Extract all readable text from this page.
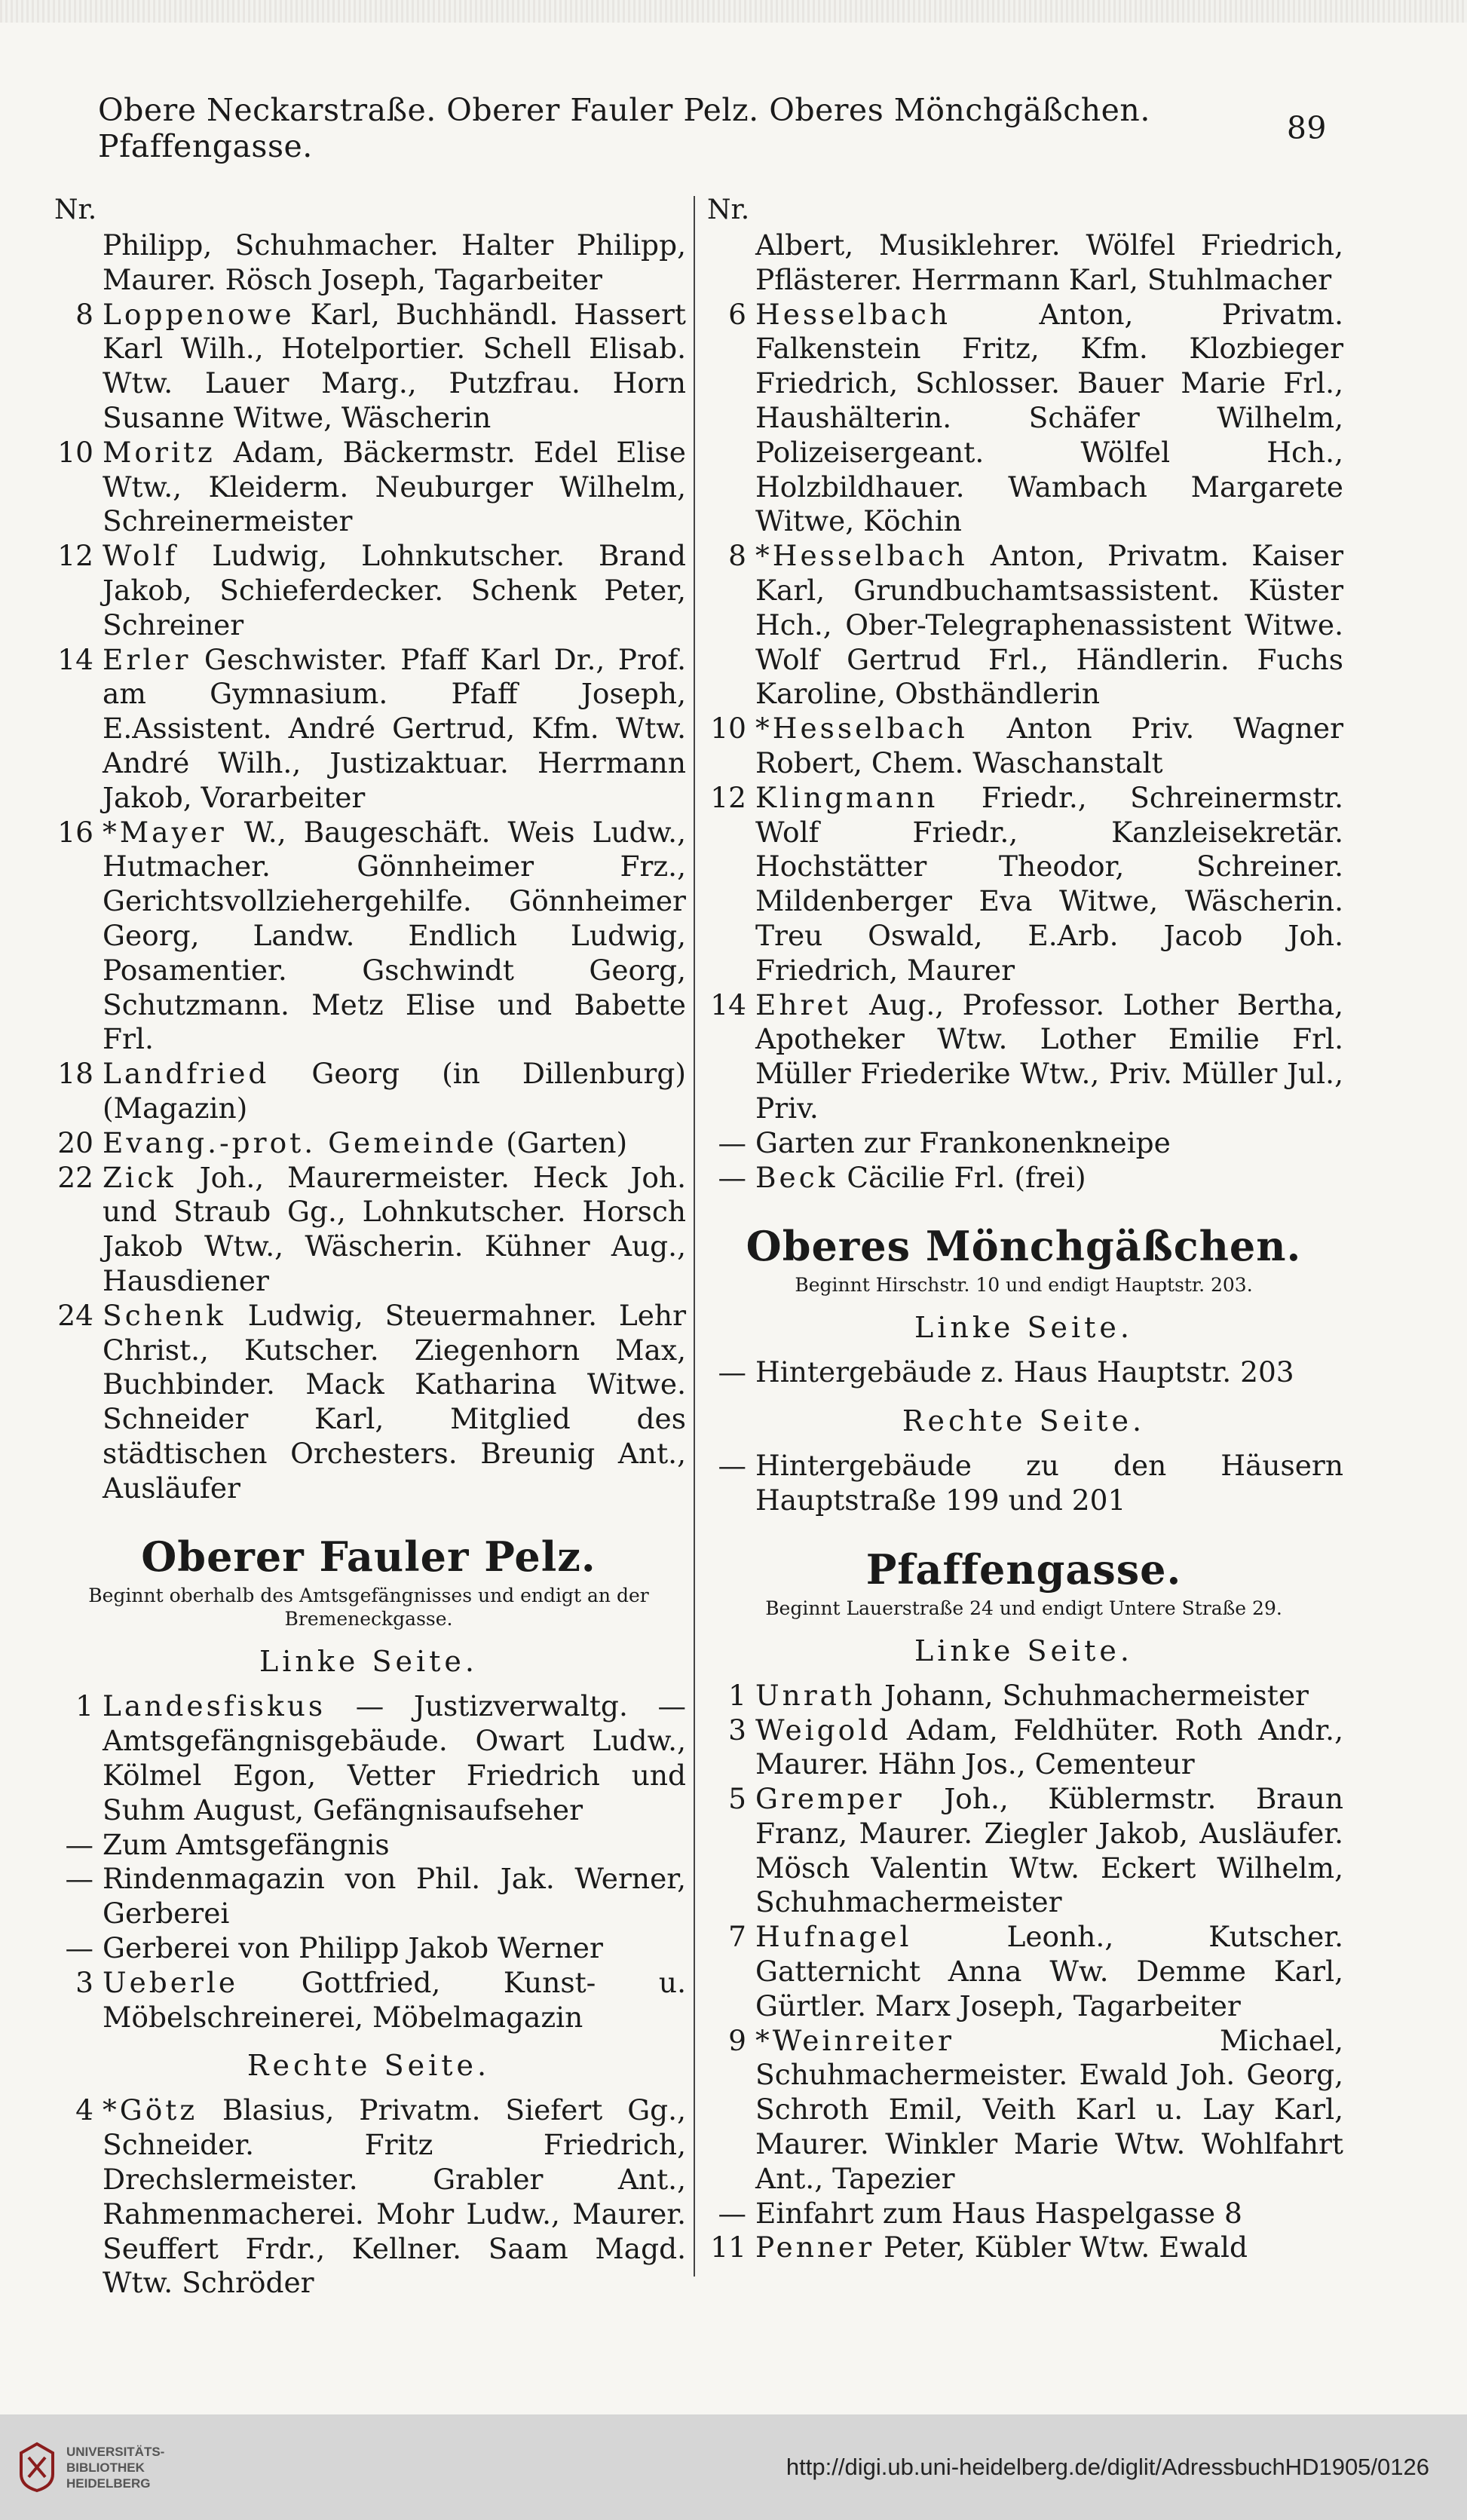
Obere Neckarstraße. Oberer Fauler Pelz. Oberes Mönchgäßchen. Pfaffengasse.	89
Nr.
Philipp, Schuhmacher. Halter Philipp, Maurer. Rösch Joseph, Tagarbeiter
8 Loppenowe Karl, Buchhändl. Hassert Karl Wilh., Hotelportier. Schell Elisab. Wtw. Lauer Marg., Putzfrau. Horn Susanne Witwe, Wäscherin
10 Moritz Adam, Bäckermstr. Edel Elise Wtw., Kleiderm. Neuburger Wilhelm, Schreinermeister
12 Wolf Ludwig, Lohnkutscher. Brand Jakob, Schieferdecker. Schenk Peter, Schreiner
14 Erler Geschwister. Pfaff Karl Dr., Prof. am Gymnasium. Pfaff Joseph, E.Assistent. André Gertrud, Kfm. Wtw. André Wilh., Justizaktuar. Herrmann Jakob, Vorarbeiter
16 *Mayer W., Baugeschäft. Weis Ludw., Hutmacher. Gönnheimer Frz., Gerichtsvollziehergehilfe. Gönnheimer Georg, Landw. Endlich Ludwig, Posamentier. Gschwindt Georg, Schutzmann. Metz Elise und Babette Frl.
18 Landfried Georg (in Dillenburg) (Magazin)
20 Evang.-prot. Gemeinde (Garten)
22 Zick Joh., Maurermeister. Heck Joh. und Straub Gg., Lohnkutscher. Horsch Jakob Wtw., Wäscherin. Kühner Aug., Hausdiener
24 Schenk Ludwig, Steuermahner. Lehr Christ., Kutscher. Ziegenhorn Max, Buchbinder. Mack Katharina Witwe. Schneider Karl, Mitglied des städtischen Orchesters. Breunig Ant., Ausläufer
Oberer Fauler Pelz.
Beginnt oberhalb des Amtsgefängnisses und endigt an der Bremeneckgasse.
Linke Seite.
1 Landesfiskus — Justizverwaltg. — Amtsgefängnisgebäude. Owart Ludw., Kölmel Egon, Vetter Friedrich und Suhm August, Gefängnisaufseher
— Zum Amtsgefängnis
— Rindenmagazin von Phil. Jak. Werner, Gerberei
— Gerberei von Philipp Jakob Werner
3 Ueberle Gottfried, Kunst- u. Möbelschreinerei, Möbelmagazin
Rechte Seite.
4 *Götz Blasius, Privatm. Siefert Gg., Schneider. Fritz Friedrich, Drechslermeister. Grabler Ant., Rahmenmacherei. Mohr Ludw., Maurer. Seuffert Frdr., Kellner. Saam Magd. Wtw. Schröder
Nr.
Albert, Musiklehrer. Wölfel Friedrich, Pflästerer. Herrmann Karl, Stuhlmacher
6 Hesselbach Anton, Privatm. Falkenstein Fritz, Kfm. Klozbieger Friedrich, Schlosser. Bauer Marie Frl., Haushälterin. Schäfer Wilhelm, Polizeisergeant. Wölfel Hch., Holzbildhauer. Wambach Margarete Witwe, Köchin
8 *Hesselbach Anton, Privatm. Kaiser Karl, Grundbuchamtsassistent. Küster Hch., Ober-Telegraphenassistent Witwe. Wolf Gertrud Frl., Händlerin. Fuchs Karoline, Obsthändlerin
10 *Hesselbach Anton Priv. Wagner Robert, Chem. Waschanstalt
12 Klingmann Friedr., Schreinermstr. Wolf Friedr., Kanzleisekretär. Hochstätter Theodor, Schreiner. Mildenberger Eva Witwe, Wäscherin. Treu Oswald, E.Arb. Jacob Joh. Friedrich, Maurer
14 Ehret Aug., Professor. Lother Bertha, Apotheker Wtw. Lother Emilie Frl. Müller Friederike Wtw., Priv. Müller Jul., Priv.
— Garten zur Frankonenkneipe
— Beck Cäcilie Frl. (frei)
Oberes Mönchgäßchen.
Beginnt Hirschstr. 10 und endigt Hauptstr. 203.
Linke Seite.
— Hintergebäude z. Haus Hauptstr. 203
Rechte Seite.
— Hintergebäude zu den Häusern Hauptstraße 199 und 201
Pfaffengasse.
Beginnt Lauerstraße 24 und endigt Untere Straße 29.
Linke Seite.
1 Unrath Johann, Schuhmachermeister
3 Weigold Adam, Feldhüter. Roth Andr., Maurer. Hähn Jos., Cementeur
5 Gremper Joh., Küblermstr. Braun Franz, Maurer. Ziegler Jakob, Ausläufer. Mösch Valentin Wtw. Eckert Wilhelm, Schuhmachermeister
7 Hufnagel Leonh., Kutscher. Gatternicht Anna Ww. Demme Karl, Gürtler. Marx Joseph, Tagarbeiter
9 *Weinreiter Michael, Schuhmachermeister. Ewald Joh. Georg, Schroth Emil, Veith Karl u. Lay Karl, Maurer. Winkler Marie Wtw. Wohlfahrt Ant., Tapezier
— Einfahrt zum Haus Haspelgasse 8
11 Penner Peter, Kübler Wtw. Ewald
UNIVERSITÄTS-
BIBLIOTHEK
HEIDELBERG
http://digi.ub.uni-heidelberg.de/diglit/AdressbuchHD1905/0126
